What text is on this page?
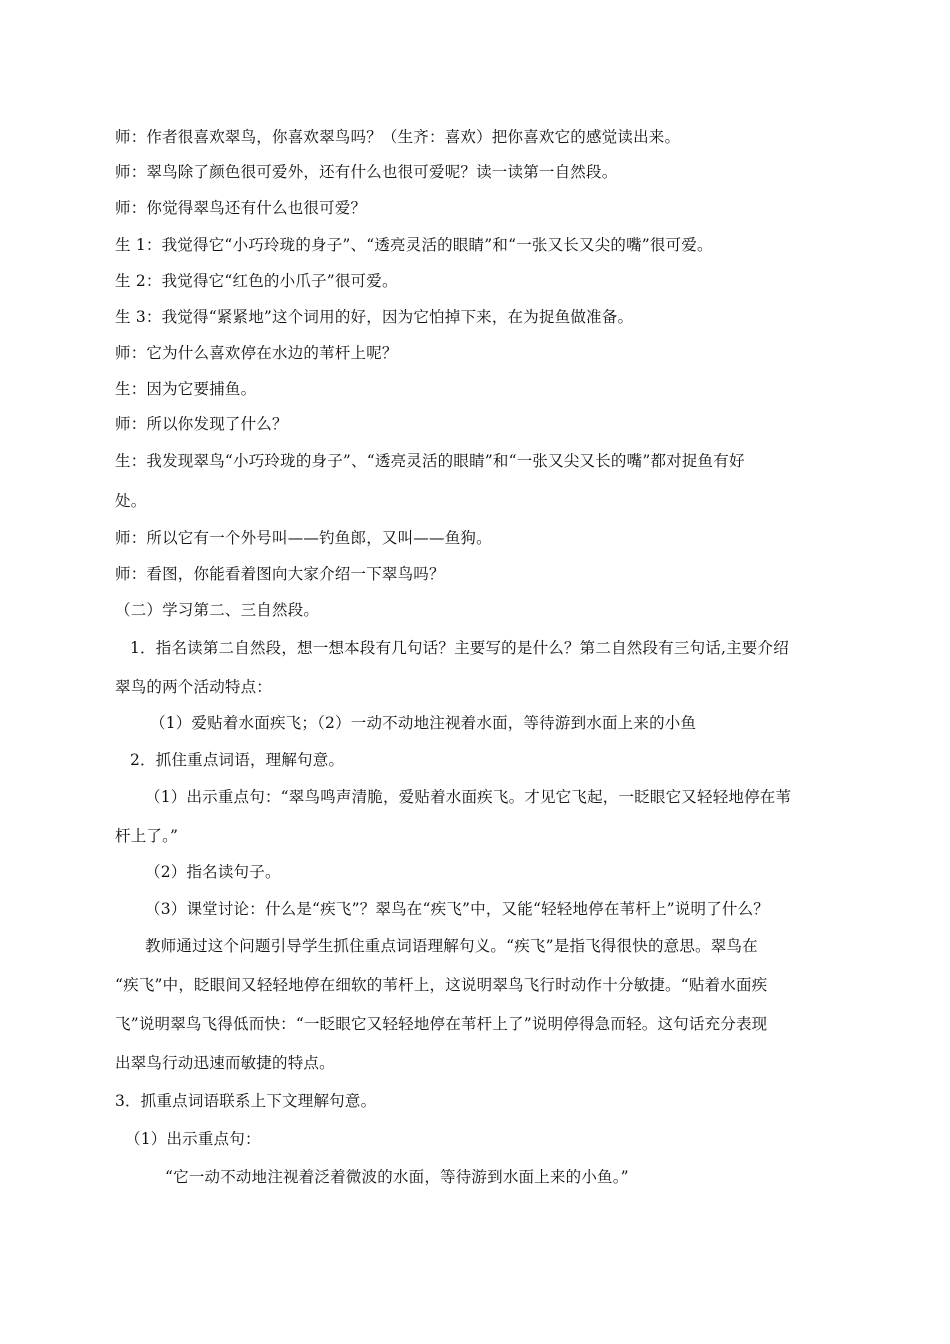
师：作者很喜欢翠鸟，你喜欢翠鸟吗？（生齐：喜欢）把你喜欢它的感觉读出来。
师：翠鸟除了颜色很可爱外，还有什么也很可爱呢？读一读第一自然段。
师：你觉得翠鸟还有什么也很可爱？
生 1：我觉得它“小巧玲珑的身子”、“透亮灵活的眼睛”和“一张又长又尖的嘴”很可爱。
生 2：我觉得它“红色的小爪子”很可爱。
生 3：我觉得“紧紧地”这个词用的好，因为它怕掉下来，在为捉鱼做准备。
师：它为什么喜欢停在水边的苇杆上呢？
生：因为它要捕鱼。
师：所以你发现了什么？
生：我发现翠鸟“小巧玲珑的身子”、“透亮灵活的眼睛”和“一张又尖又长的嘴”都对捉鱼有好
处。
师：所以它有一个外号叫——钓鱼郎，又叫——鱼狗。
师：看图，你能看着图向大家介绍一下翠鸟吗？
（二）学习第二、三自然段。
1．指名读第二自然段，想一想本段有几句话？主要写的是什么？第二自然段有三句话,主要介绍
翠鸟的两个活动特点：
（1）爱贴着水面疾飞；（2）一动不动地注视着水面，等待游到水面上来的小鱼
2．抓住重点词语，理解句意。
（1）出示重点句：“翠鸟鸣声清脆，爱贴着水面疾飞。才见它飞起，一眨眼它又轻轻地停在苇
杆上了。”
（2）指名读句子。
（3）课堂讨论：什么是“疾飞”？翠鸟在“疾飞”中，又能“轻轻地停在苇杆上”说明了什么？
教师通过这个问题引导学生抓住重点词语理解句义。“疾飞”是指飞得很快的意思。翠鸟在
“疾飞”中，眨眼间又轻轻地停在细软的苇杆上，这说明翠鸟飞行时动作十分敏捷。“贴着水面疾
飞”说明翠鸟飞得低而快：“一眨眼它又轻轻地停在苇杆上了”说明停得急而轻。这句话充分表现
出翠鸟行动迅速而敏捷的特点。
3．抓重点词语联系上下文理解句意。
（1）出示重点句：
“它一动不动地注视着泛着微波的水面，等待游到水面上来的小鱼。”
